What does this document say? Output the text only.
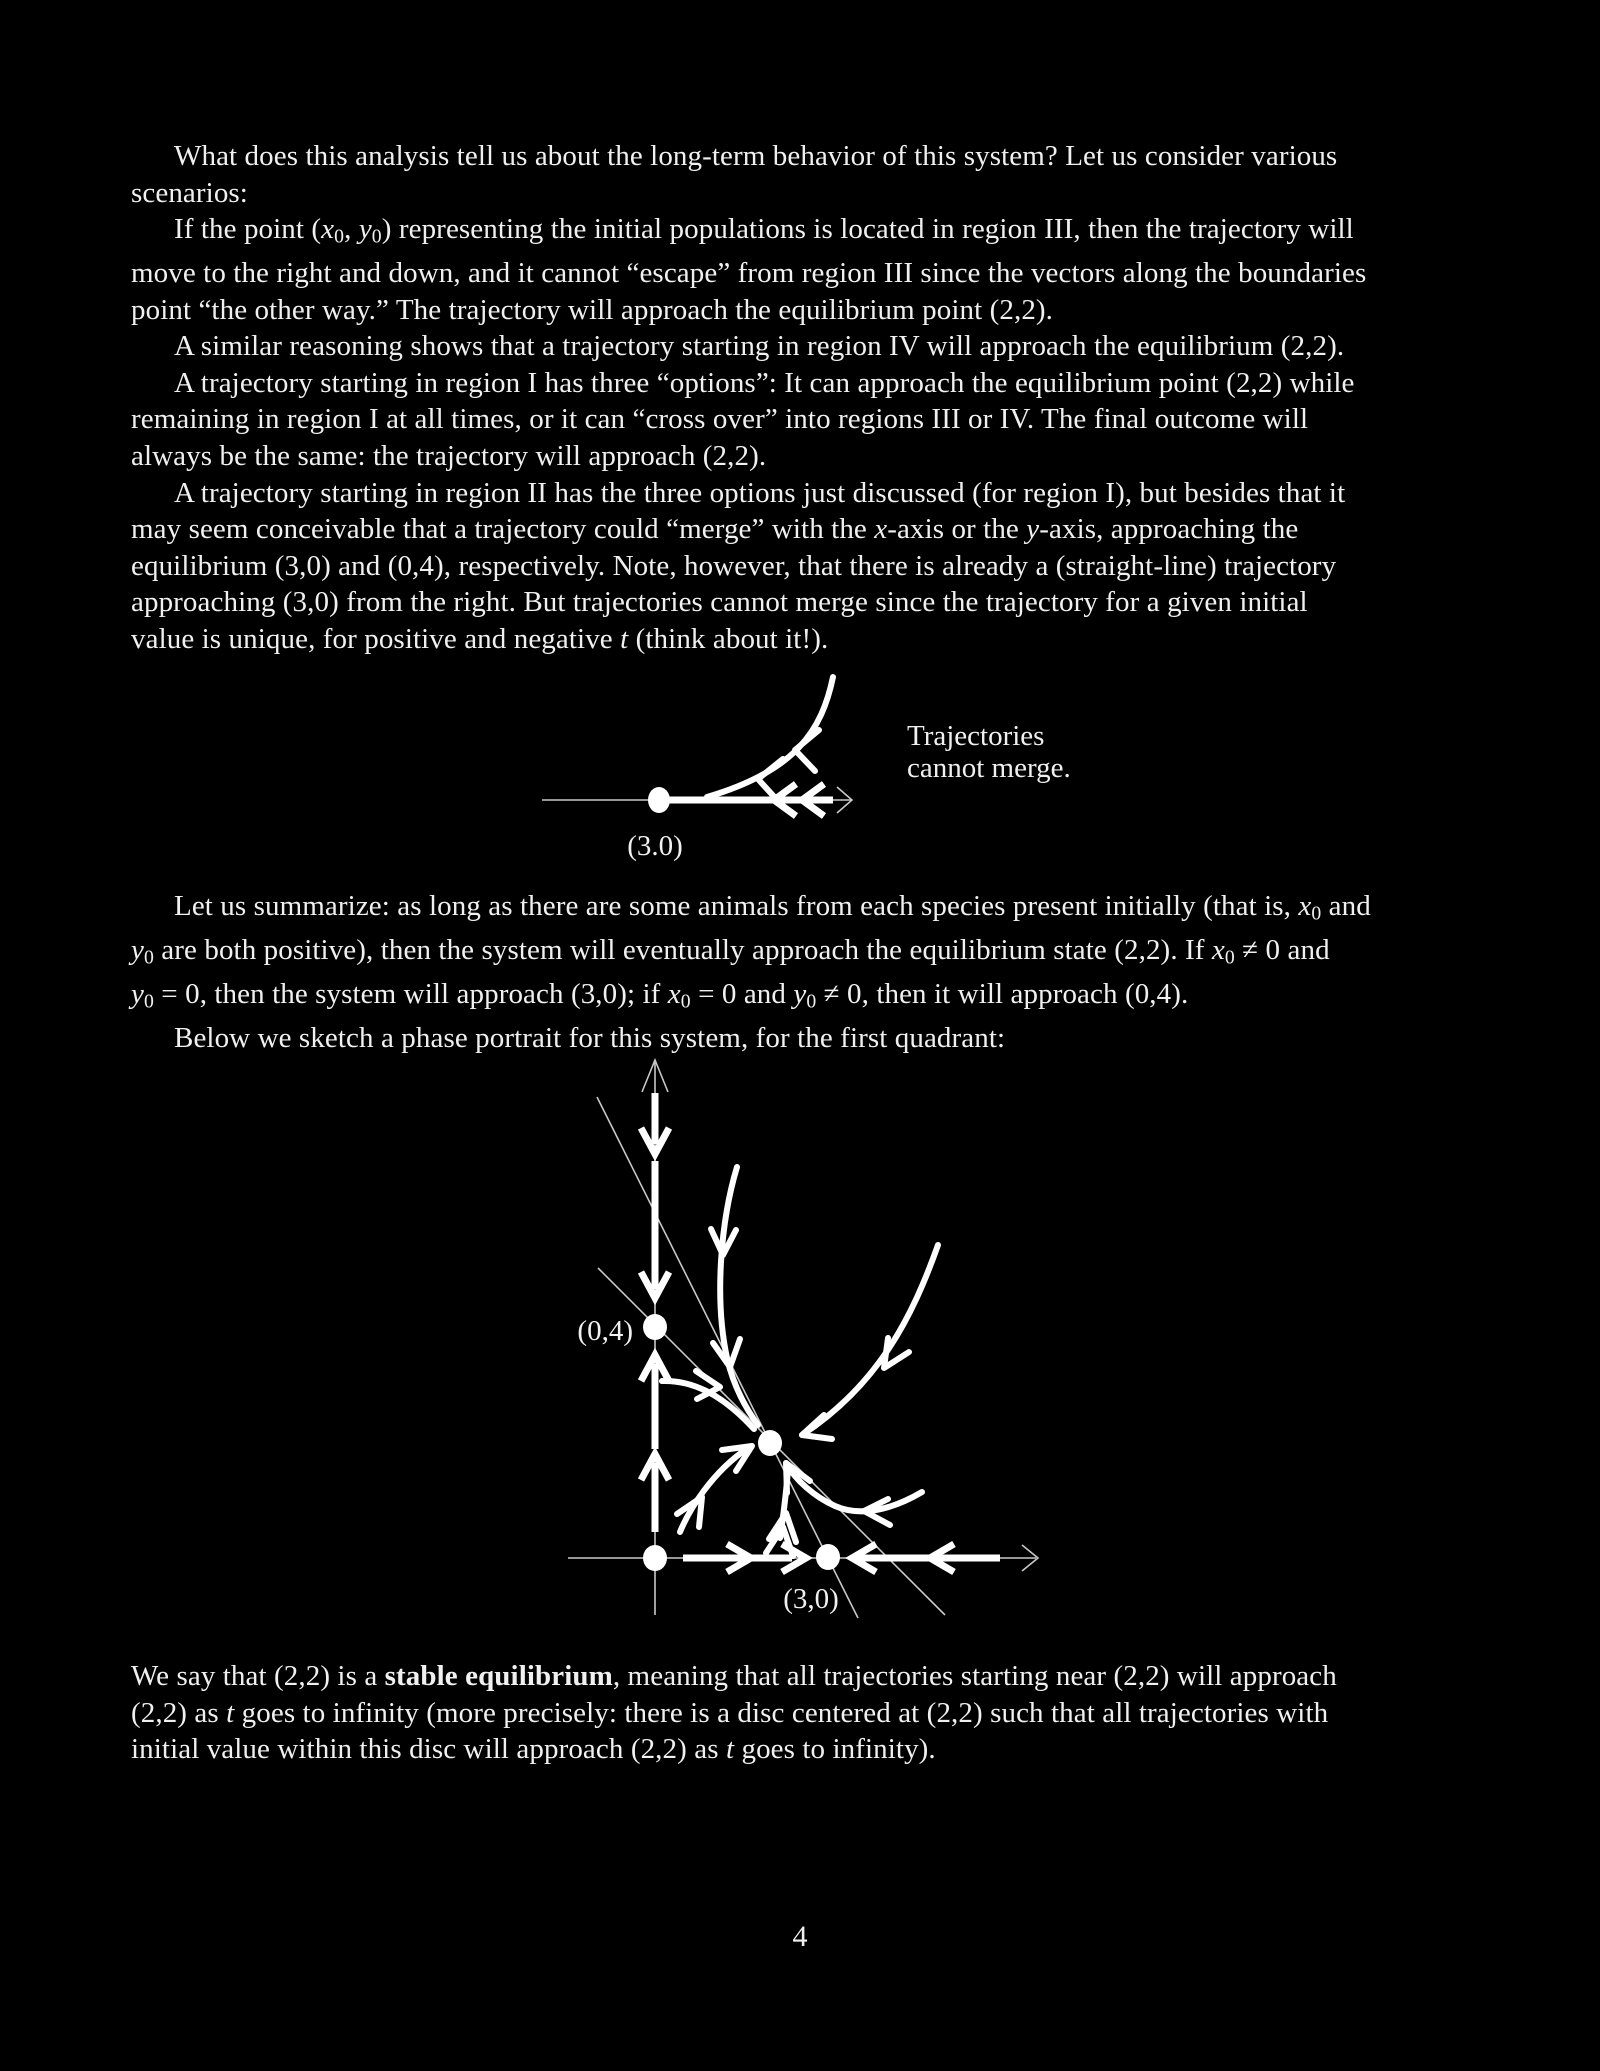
What does this analysis tell us about the long-term behavior of this system? Let us consider various
scenarios:
If the point (x0, y0) representing the initial populations is located in region III, then the trajectory will
move to the right and down, and it cannot “escape” from region III since the vectors along the boundaries
point “the other way.” The trajectory will approach the equilibrium point (2,2).
A similar reasoning shows that a trajectory starting in region IV will approach the equilibrium (2,2).
A trajectory starting in region I has three “options”: It can approach the equilibrium point (2,2) while
remaining in region I at all times, or it can “cross over” into regions III or IV. The final outcome will
always be the same: the trajectory will approach (2,2).
A trajectory starting in region II has the three options just discussed (for region I), but besides that it
may seem conceivable that a trajectory could “merge” with the x-axis or the y-axis, approaching the
equilibrium (3,0) and (0,4), respectively. Note, however, that there is already a (straight-line) trajectory
approaching (3,0) from the right. But trajectories cannot merge since the trajectory for a given initial
value is unique, for positive and negative t (think about it!).
Let us summarize: as long as there are some animals from each species present initially (that is, x0 and
y0 are both positive), then the system will eventually approach the equilibrium state (2,2). If x0 ≠ 0 and
y0 = 0, then the system will approach (3,0); if x0 = 0 and y0 ≠ 0, then it will approach (0,4).
Below we sketch a phase portrait for this system, for the first quadrant:
We say that (2,2) is a stable equilibrium, meaning that all trajectories starting near (2,2) will approach
(2,2) as t goes to infinity (more precisely: there is a disc centered at (2,2) such that all trajectories with
initial value within this disc will approach (2,2) as t goes to infinity).
(3.0)
Trajectories
cannot merge.
(0,4)
(3,0)
4
